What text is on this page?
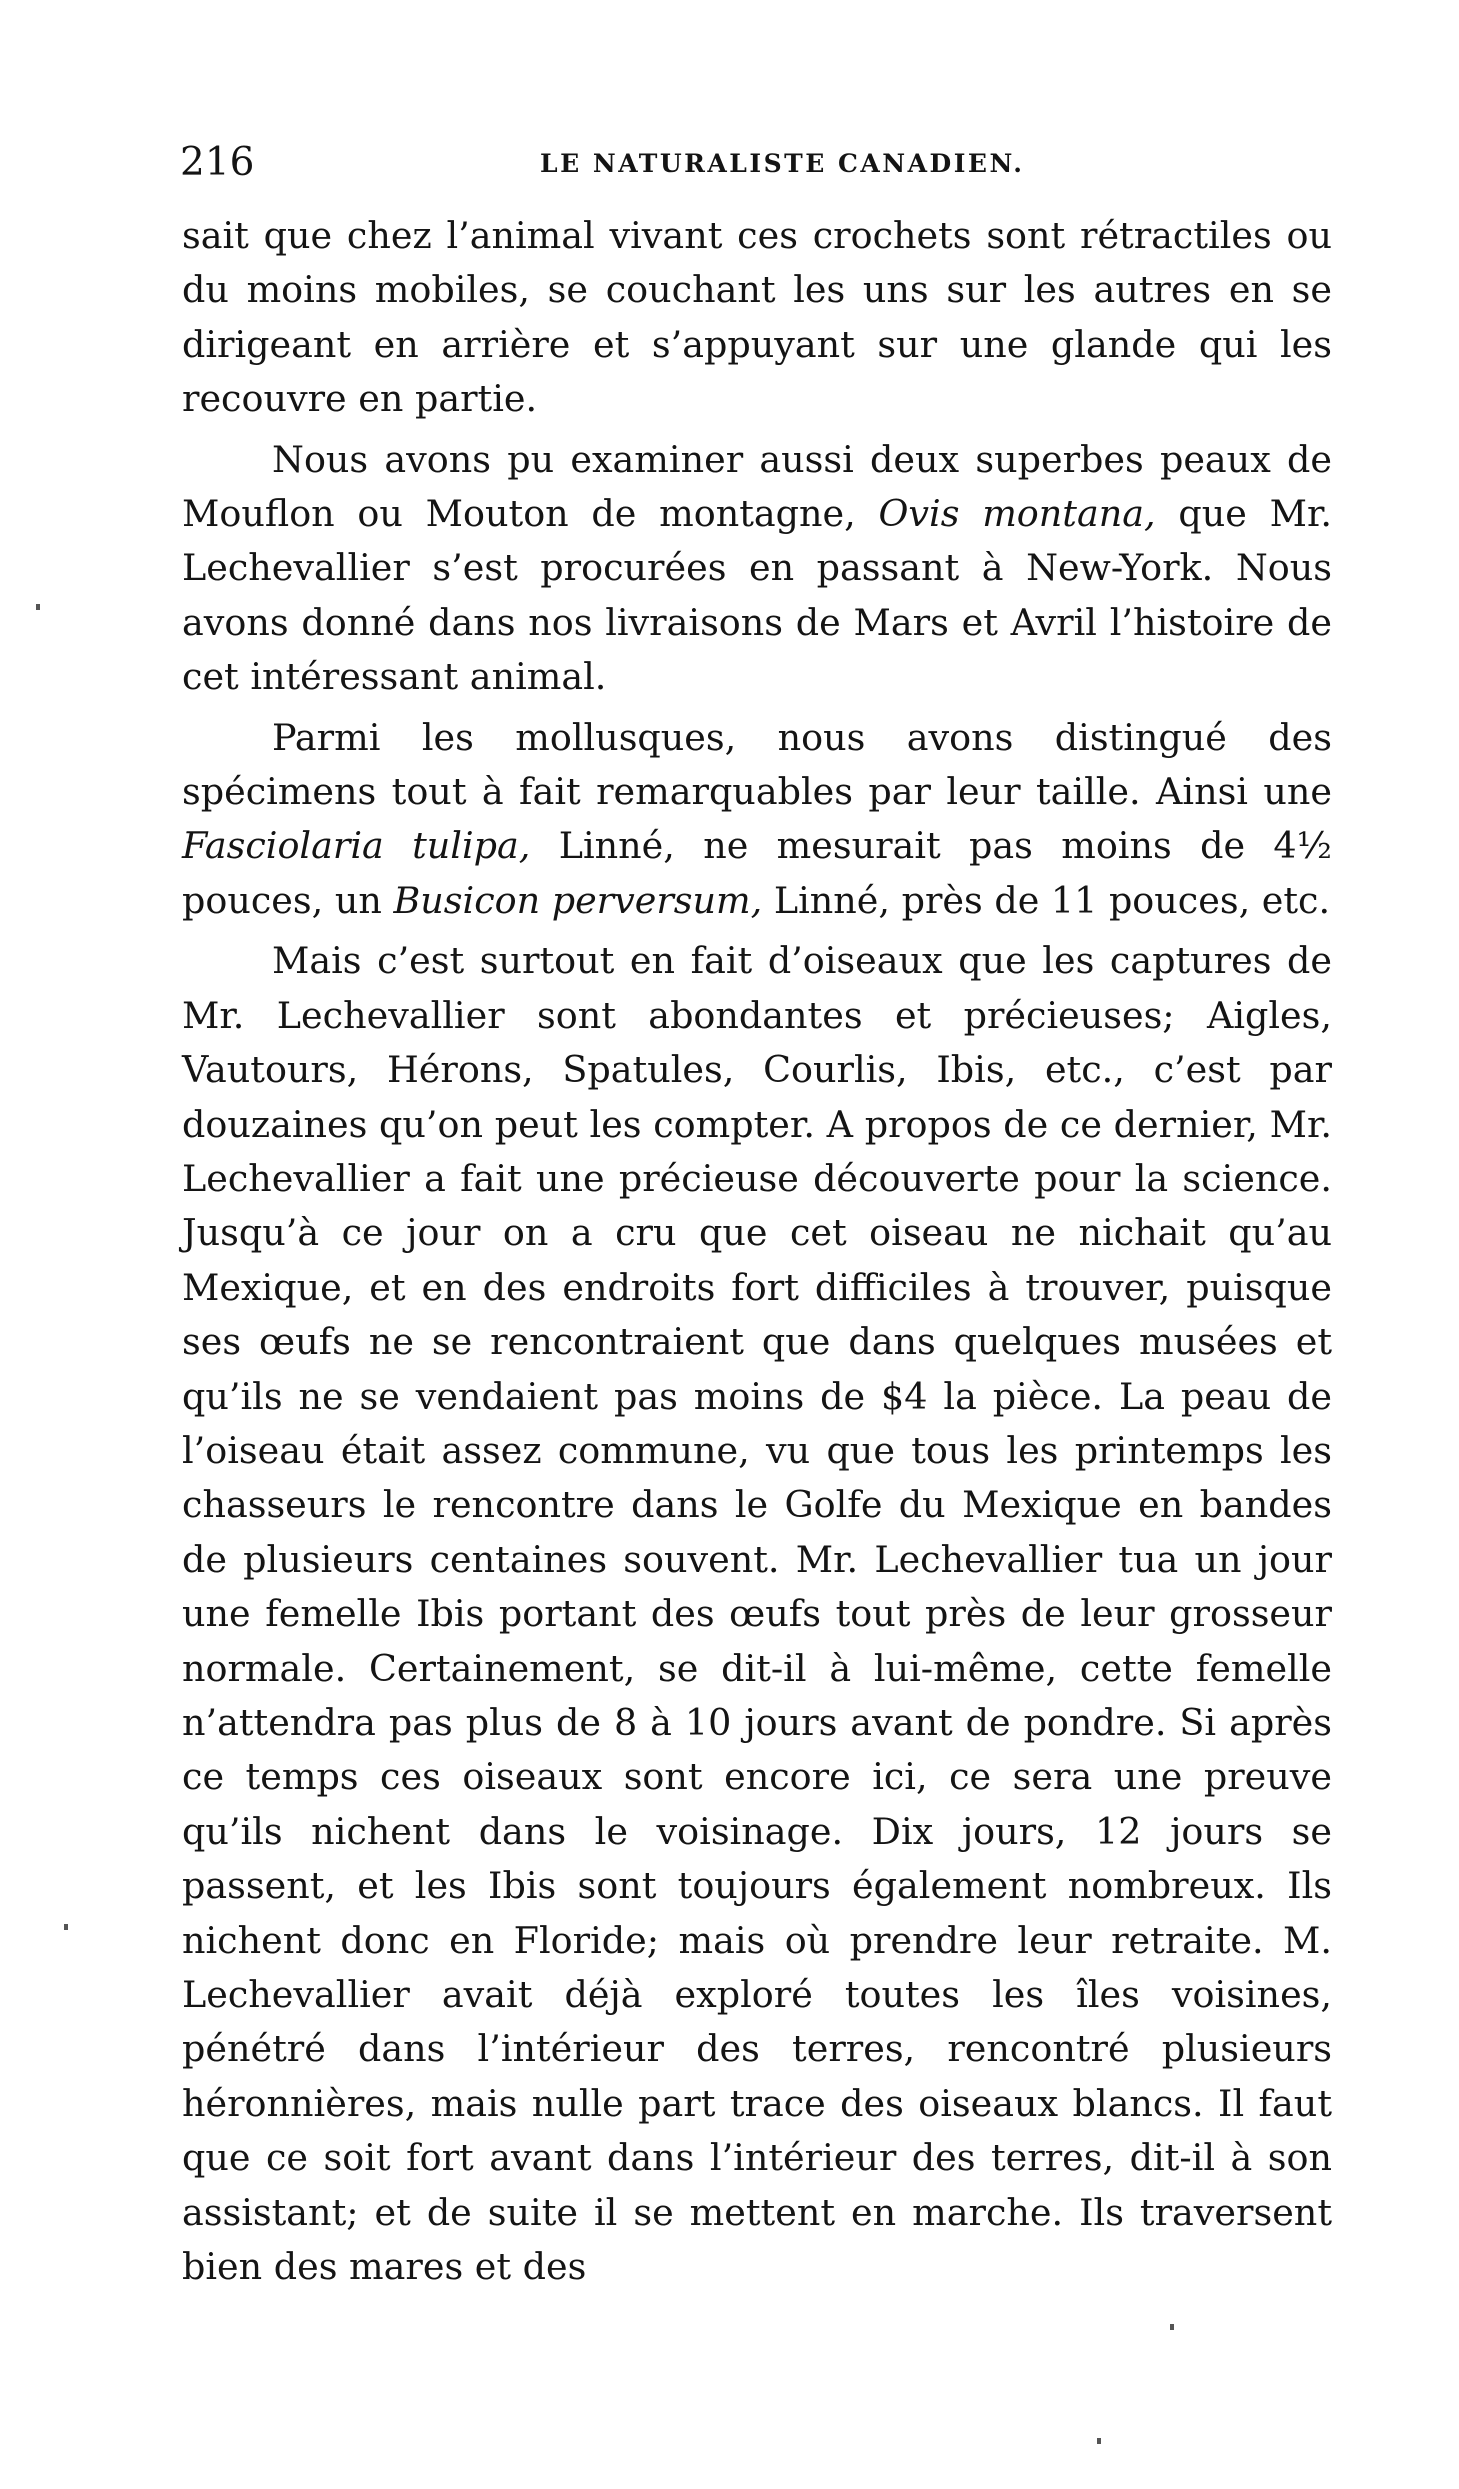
216	LE NATURALISTE CANADIEN.

sait que chez l’animal vivant ces crochets sont rétractiles ou du moins mobiles, se couchant les uns sur les autres en se dirigeant en arrière et s’appuyant sur une glande qui les recouvre en partie.

Nous avons pu examiner aussi deux superbes peaux de Mouflon ou Mouton de montagne, Ovis montana, que Mr. Lechevallier s’est procurées en passant à New-York. Nous avons donné dans nos livraisons de Mars et Avril l’histoire de cet intéressant animal.

Parmi les mollusques, nous avons distingué des spécimens tout à fait remarquables par leur taille. Ainsi une Fasciolaria tulipa, Linné, ne mesurait pas moins de 4½ pouces, un Busicon perversum, Linné, près de 11 pouces, etc.

Mais c’est surtout en fait d’oiseaux que les captures de Mr. Lechevallier sont abondantes et précieuses; Aigles, Vautours, Hérons, Spatules, Courlis, Ibis, etc., c’est par douzaines qu’on peut les compter. A propos de ce dernier, Mr. Lechevallier a fait une précieuse découverte pour la science. Jusqu’à ce jour on a cru que cet oiseau ne nichait qu’au Mexique, et en des endroits fort difficiles à trouver, puisque ses œufs ne se rencontraient que dans quelques musées et qu’ils ne se vendaient pas moins de $4 la pièce. La peau de l’oiseau était assez commune, vu que tous les printemps les chasseurs le rencontre dans le Golfe du Mexique en bandes de plusieurs centaines souvent. Mr. Lechevallier tua un jour une femelle Ibis portant des œufs tout près de leur grosseur normale. Certainement, se dit-il à lui-même, cette femelle n’attendra pas plus de 8 à 10 jours avant de pondre. Si après ce temps ces oiseaux sont encore ici, ce sera une preuve qu’ils nichent dans le voisinage. Dix jours, 12 jours se passent, et les Ibis sont toujours également nombreux. Ils nichent donc en Floride; mais où prendre leur retraite. M. Lechevallier avait déjà exploré toutes les îles voisines, pénétré dans l’intérieur des terres, rencontré plusieurs héronnières, mais nulle part trace des oiseaux blancs. Il faut que ce soit fort avant dans l’intérieur des terres, dit-il à son assistant; et de suite il se mettent en marche. Ils traversent bien des mares et des
